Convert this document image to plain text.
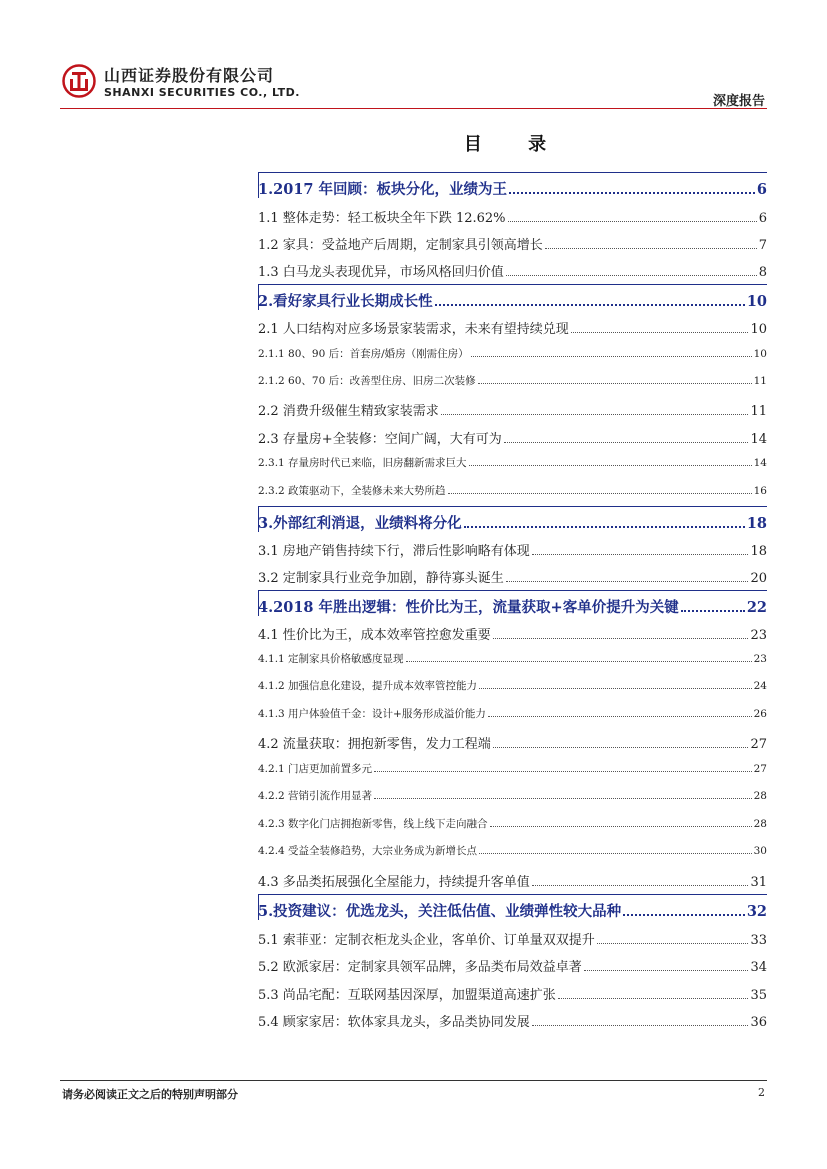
山西证券股份有限公司
SHANXI SECURITIES CO., LTD.
深度报告
目 录
1.2017 年回顾：板块分化，业绩为王	6
1.1 整体走势：轻工板块全年下跌 12.62%	6
1.2 家具：受益地产后周期，定制家具引领高增长	7
1.3 白马龙头表现优异，市场风格回归价值	8
2.看好家具行业长期成长性	10
2.1 人口结构对应多场景家装需求，未来有望持续兑现	10
2.1.1 80、90 后：首套房/婚房（刚需住房）	10
2.1.2 60、70 后：改善型住房、旧房二次装修	11
2.2 消费升级催生精致家装需求	11
2.3 存量房+全装修：空间广阔，大有可为	14
2.3.1 存量房时代已来临，旧房翻新需求巨大	14
2.3.2 政策驱动下，全装修未来大势所趋	16
3.外部红利消退，业绩料将分化	18
3.1 房地产销售持续下行，滞后性影响略有体现	18
3.2 定制家具行业竞争加剧，静待寡头诞生	20
4.2018 年胜出逻辑：性价比为王，流量获取+客单价提升为关键	22
4.1 性价比为王，成本效率管控愈发重要	23
4.1.1 定制家具价格敏感度显现	23
4.1.2 加强信息化建设，提升成本效率管控能力	24
4.1.3 用户体验值千金：设计+服务形成溢价能力	26
4.2 流量获取：拥抱新零售，发力工程端	27
4.2.1 门店更加前置多元	27
4.2.2 营销引流作用显著	28
4.2.3 数字化门店拥抱新零售，线上线下走向融合	28
4.2.4 受益全装修趋势，大宗业务成为新增长点	30
4.3 多品类拓展强化全屋能力，持续提升客单值	31
5.投资建议：优选龙头，关注低估值、业绩弹性较大品种	32
5.1 索菲亚：定制衣柜龙头企业，客单价、订单量双双提升	33
5.2 欧派家居：定制家具领军品牌，多品类布局效益卓著	34
5.3 尚品宅配：互联网基因深厚，加盟渠道高速扩张	35
5.4 顾家家居：软体家具龙头，多品类协同发展	36
请务必阅读正文之后的特别声明部分	2
